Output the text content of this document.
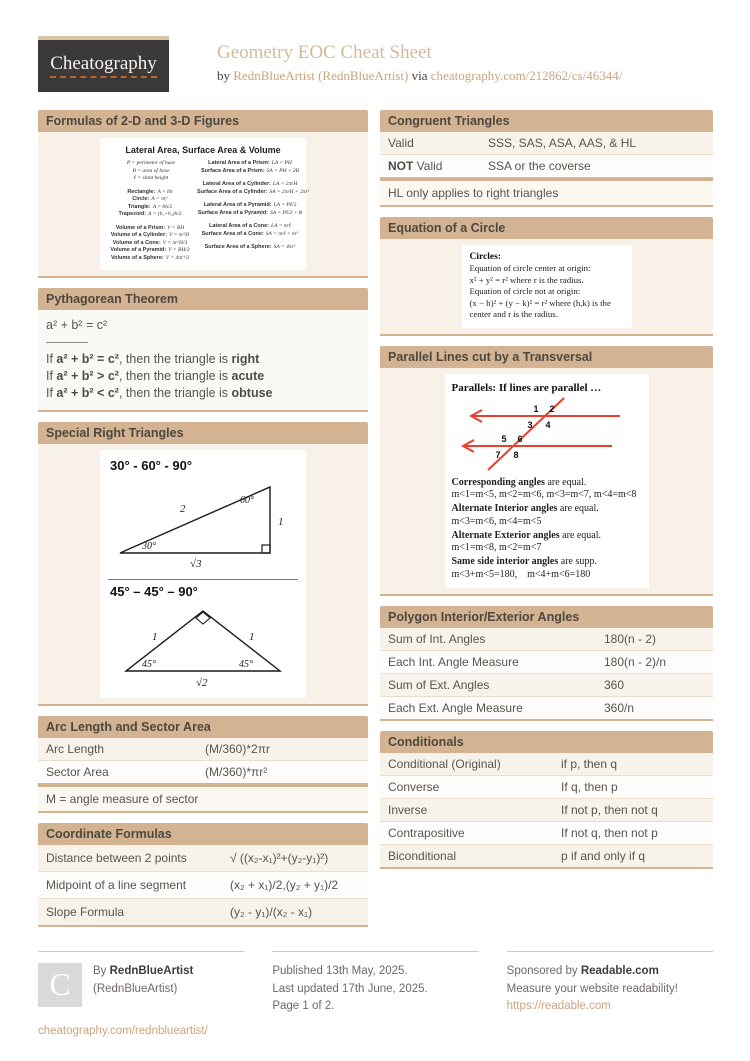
Cheatography
Geometry EOC Cheat Sheet
by RednBlueArtist (RednBlueArtist) via cheatography.com/212862/cs/46344/
Formulas of 2-D and 3-D Figures
Lateral Area, Surface Area & Volume
P = perimeter of base
B = area of base
ℓ = slant height
Rectangle: A = bh
Circle: A = πr²
Triangle: A = bh/2
Trapezoid: A = (b₁+b₂)h/2
Volume of a Prism: V = BH
Volume of a Cylinder: V = πr²H
Volume of a Cone: V = πr²H/3
Volume of a Pyramid: V = BH/3
Volume of a Sphere: V = 4πr³/3
Lateral Area of a Prism: LA = PH
Surface Area of a Prism: SA = PH + 2B
Lateral Area of a Cylinder: LA = 2πrH
Surface Area of a Cylinder: SA = 2πrH + 2πr²
Lateral Area of a Pyramid: LA = Pℓ/2
Surface Area of a Pyramid: SA = Pℓ/2 + B
Lateral Area of a Cone: LA = πrℓ
Surface Area of a Cone: SA = πrℓ + πr²
Surface Area of a Sphere: SA = 4πr²
Pythagorean Theorem
a² + b² = c²
If a² + b² = c², then the triangle is right
If a² + b² > c², then the triangle is acute
If a² + b² < c², then the triangle is obtuse
Special Right Triangles
30° - 60° - 90°
2
60°
1
30°
√3
45° – 45° – 90°
1	1
45°	45°
√2
Arc Length and Sector Area
Arc Length	(M/360)*2πr
Sector Area	(M/360)*πr²
M = angle measure of sector
Coordinate Formulas
Distance between 2 points	√ ((x₂-x₁)²+(y₂-y₁)²)
Midpoint of a line segment	(x₂ + x₁)/2,(y₂ + y₁)/2
Slope Formula	(y₂ - y₁)/(x₂ - x₁)
Congruent Triangles
Valid	SSS, SAS, ASA, AAS, & HL
NOT Valid	SSA or the coverse
HL only applies to right triangles
Equation of a Circle
Circles:
Equation of circle center at origin:
x² + y² = r² where r is the radius.
Equation of circle not at origin:
(x − h)² + (y − k)² = r² where (h,k) is the
center and r is the radius.
Parallel Lines cut by a Transversal
Parallels: If lines are parallel …
1 2
3 4
5 6
7 8
Corresponding angles are equal.
m<1=m<5, m<2=m<6, m<3=m<7, m<4=m<8
Alternate Interior angles are equal.
m<3=m<6, m<4=m<5
Alternate Exterior angles are equal.
m<1=m<8, m<2=m<7
Same side interior angles are supp.
m<3+m<5=180,    m<4+m<6=180
Polygon Interior/Exterior Angles
Sum of Int. Angles	180(n - 2)
Each Int. Angle Measure	180(n - 2)/n
Sum of Ext. Angles	360
Each Ext. Angle Measure	360/n
Conditionals
Conditional (Original)	if p, then q
Converse	If q, then p
Inverse	If not p, then not q
Contrapositive	If not q, then not p
Biconditional	p if and only if q
C By RednBlueArtist
(RednBlueArtist)
cheatography.com/rednblueartist/
Published 13th May, 2025.
Last updated 17th June, 2025.
Page 1 of 2.
Sponsored by Readable.com
Measure your website readability!
https://readable.com
